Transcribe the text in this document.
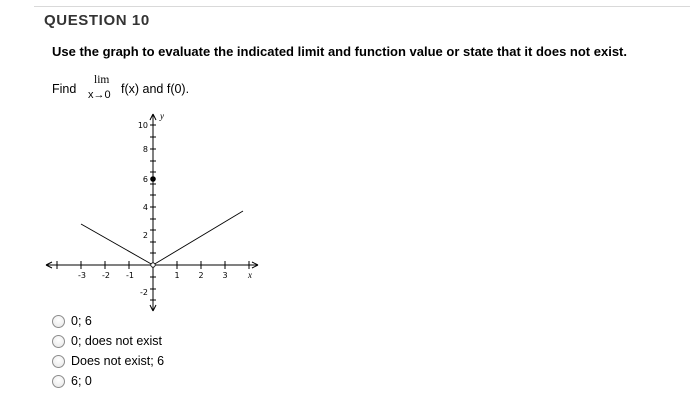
QUESTION 10
Use the graph to evaluate the indicated limit and function value or state that it does not exist.
Find
lim
x→0 f(x) and f(0).
-3 -2 -1	1 2 3
10
8
6
4
2
-2
y
x
0; 6
0; does not exist
Does not exist; 6
6; 0
